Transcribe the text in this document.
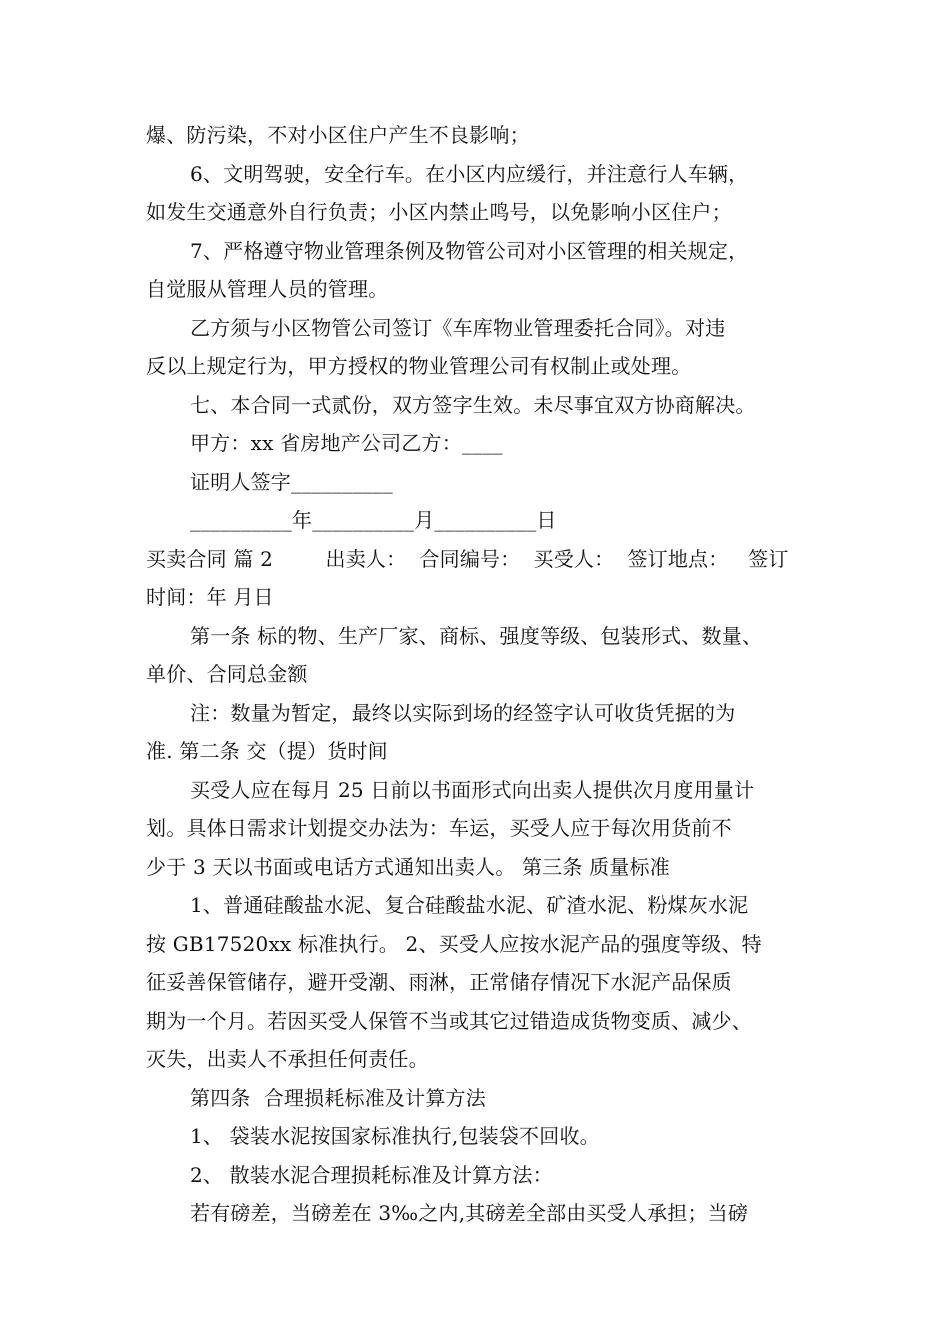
爆、防污染，不对小区住户产生不良影响；
6、文明驾驶，安全行车。在小区内应缓行，并注意行人车辆，
如发生交通意外自行负责；小区内禁止鸣号，以免影响小区住户；
7、严格遵守物业管理条例及物管公司对小区管理的相关规定，
自觉服从管理人员的管理。
乙方须与小区物管公司签订《车库物业管理委托合同》。对违
反以上规定行为，甲方授权的物业管理公司有权制止或处理。
七、本合同一式贰份，双方签字生效。未尽事宜双方协商解决。
甲方：xx 省房地产公司乙方：____
证明人签字__________
__________年__________月__________日
买卖合同 篇 2        出卖人：  合同编号：  买受人：  签订地点：   签订
时间：年 月日
第一条 标的物、生产厂家、商标、强度等级、包装形式、数量、
单价、合同总金额
注：数量为暂定，最终以实际到场的经签字认可收货凭据的为
准. 第二条 交（提）货时间
买受人应在每月 25 日前以书面形式向出卖人提供次月度用量计
划。具体日需求计划提交办法为：车运，买受人应于每次用货前不
少于 3 天以书面或电话方式通知出卖人。 第三条 质量标准
1、普通硅酸盐水泥、复合硅酸盐水泥、矿渣水泥、粉煤灰水泥
按 GB17520xx 标准执行。 2、买受人应按水泥产品的强度等级、特
征妥善保管储存，避开受潮、雨淋，正常储存情况下水泥产品保质
期为一个月。若因买受人保管不当或其它过错造成货物变质、减少、
灭失，出卖人不承担任何责任。
第四条  合理损耗标准及计算方法
1、 袋装水泥按国家标准执行,包装袋不回收。
2、 散装水泥合理损耗标准及计算方法：
若有磅差，当磅差在 3‰之内,其磅差全部由买受人承担；当磅
